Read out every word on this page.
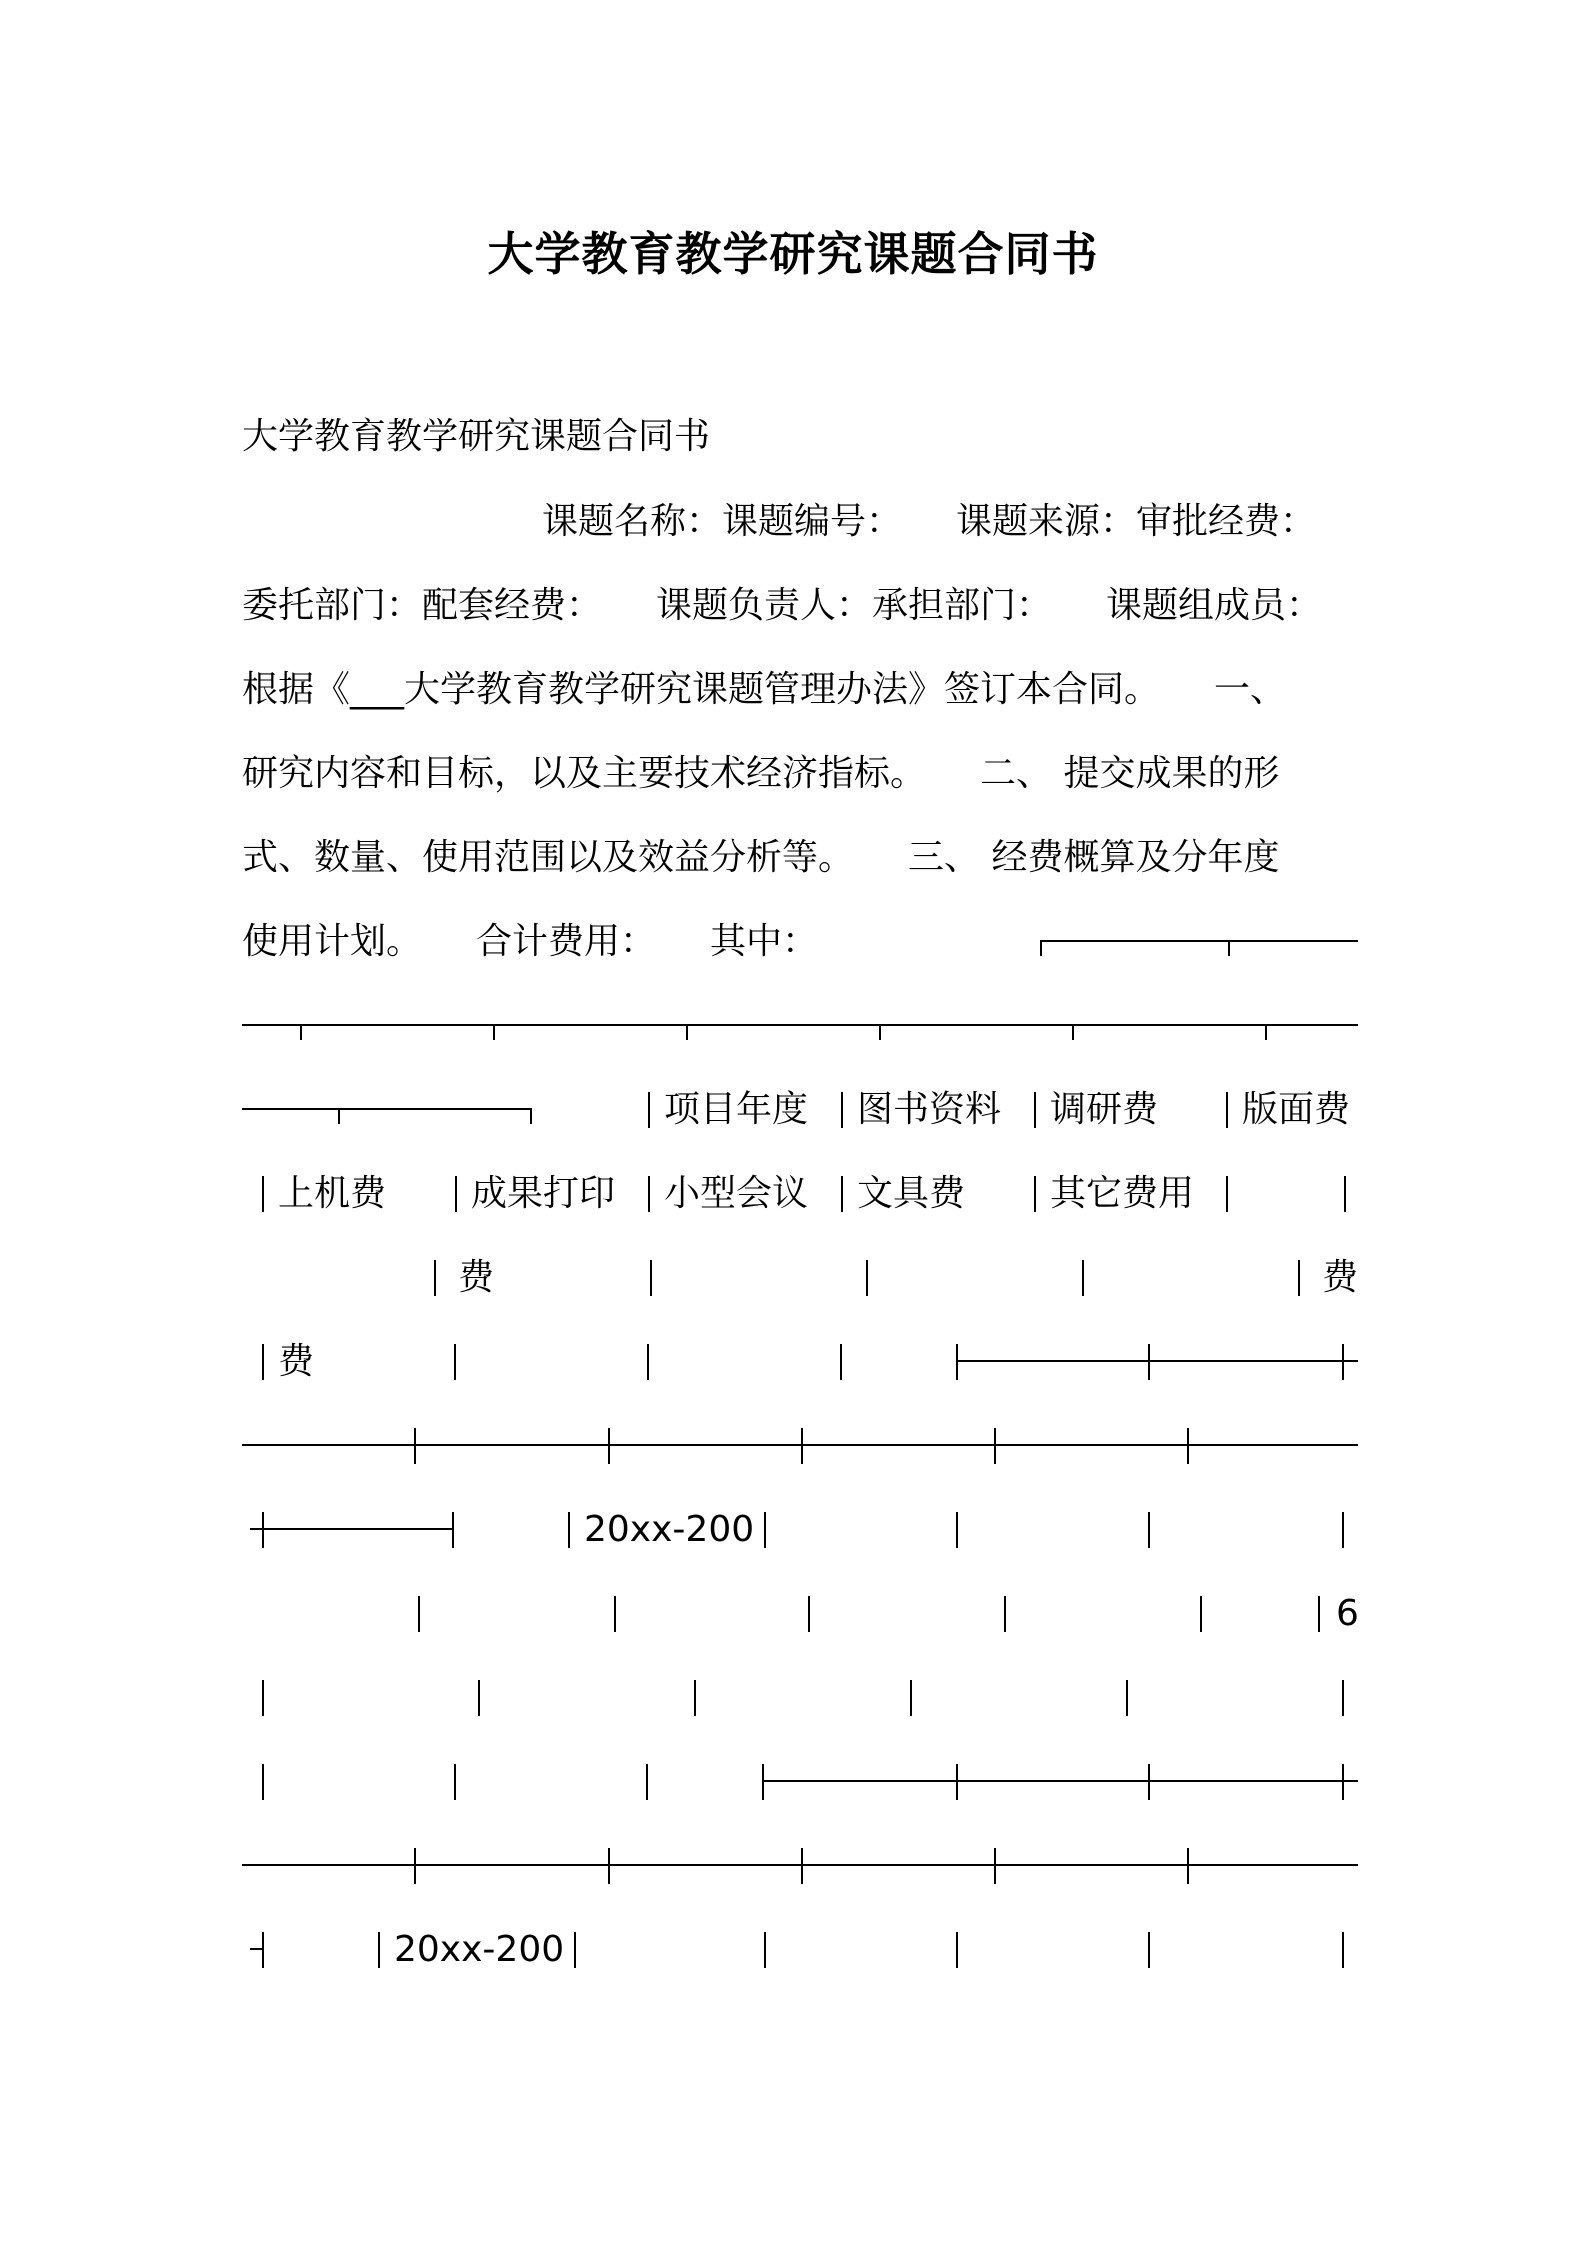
大学教育教学研究课题合同书
大学教育教学研究课题合同书
课题名称：课题编号：　　课题来源：审批经费：
委托部门：配套经费：　　课题负责人：承担部门：　　课题组成员：
根据《___大学教育教学研究课题管理办法》签订本合同。　　一、
研究内容和目标，以及主要技术经济指标。　　二、 提交成果的形
式、数量、使用范围以及效益分析等。　　三、 经费概算及分年度
使用计划。　　合计费用：　　其中：
项目年度 图书资料 调研费 版面费
上机费 成果打印 小型会议 文具费 其它费用
费	费
费
20xx-200
6
20xx-200
